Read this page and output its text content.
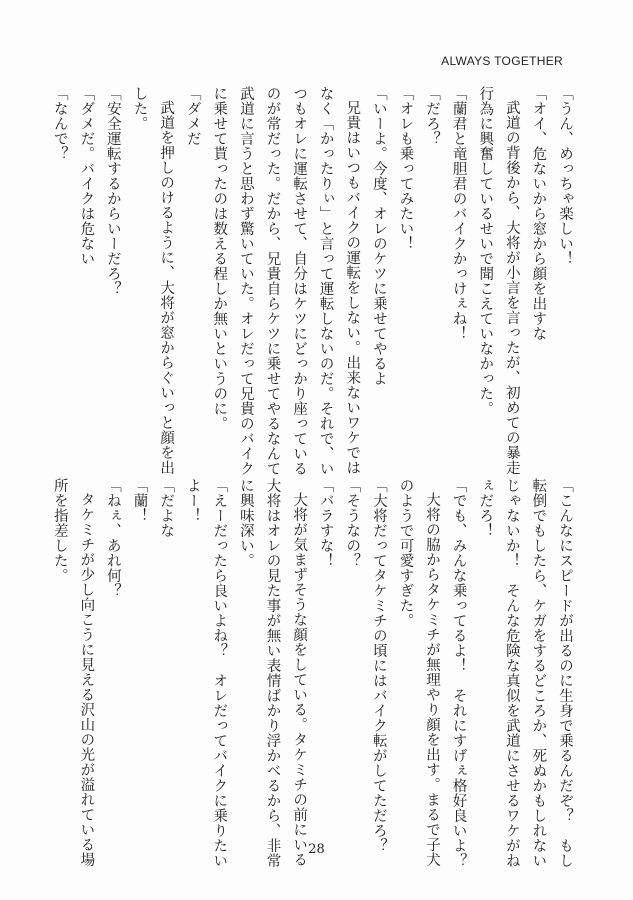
ALWAYS TOGETHER
「うん、めっちゃ楽しい！
「オイ、危ないから窓から顔を出すな
武道の背後から、大将が小言を言ったが、初めての暴走
行為に興奮しているせいで聞こえていなかった。
「蘭君と竜胆君のバイクかっけぇね！
「だろ？
「オレも乗ってみたい！
「いーよ。今度、オレのケツに乗せてやるよ
兄貴はいつもバイクの運転をしない。出来ないワケでは
なく「かったりぃ」と言って運転しないのだ。それで、い
つもオレに運転させて、自分はケツにどっかり座っている
のが常だった。だから、兄貴自らケツに乗せてやるなんて
武道に言うと思わず驚いていた。オレだって兄貴のバイク
に乗せて貰ったのは数える程しか無いというのに。
「ダメだ
武道を押しのけるように、大将が窓からぐいっと顔を出
した。
「安全運転するからいーだろ？
「ダメだ。バイクは危ない
「なんで？
「こんなにスピードが出るのに生身で乗るんだぞ？　もし
転倒でもしたら、ケガをするどころか、死ぬかもしれない
じゃないか！　そんな危険な真似を武道にさせるワケがね
ぇだろ！
「でも、みんな乗ってるよ！　それにすげぇ格好良いよ？
大将の脇からタケミチが無理やり顔を出す。まるで子犬
のようで可愛すぎた。
「大将だってタケミチの頃にはバイク転がしてただろ？
「そうなの？
「バラすな！
大将が気まずそうな顔をしている。タケミチの前にいる
大将はオレの見た事が無い表情ばかり浮かべるから、非常
に興味深い。
「えーだったら良いよね？　オレだってバイクに乗りたい
よー！
「だよな
「蘭！
「ねぇ、あれ何？
タケミチが少し向こうに見える沢山の光が溢れている場
所を指差した。
28
